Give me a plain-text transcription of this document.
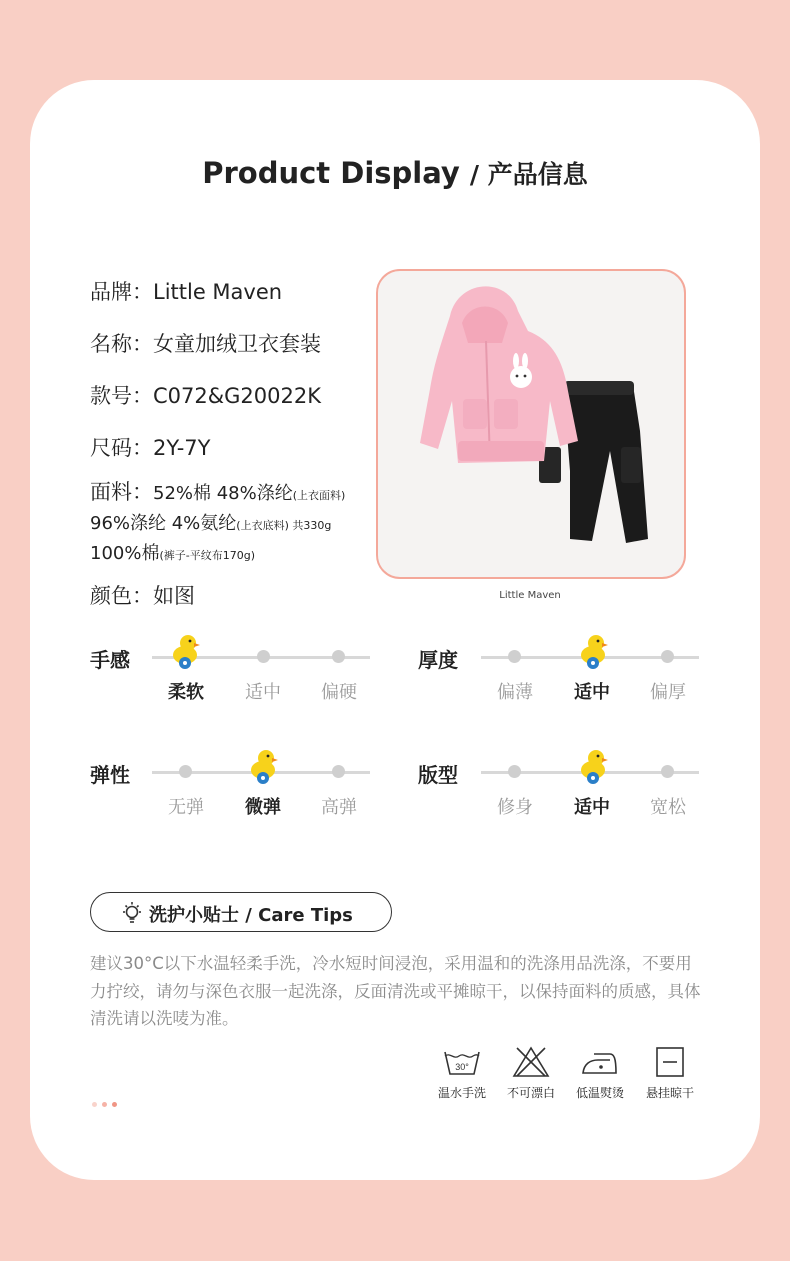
Product Display / 产品信息
品牌：Little Maven
名称：女童加绒卫衣套装
款号：C072&G20022K
尺码：2Y-7Y
面料：52%棉 48%涤纶(上衣面料)
96%涤纶 4%氨纶(上衣底料) 共330g
100%棉(裤子-平纹布170g)
颜色：如图	Little Maven
手感
柔软	适中	偏硬
厚度
偏薄	适中	偏厚
弹性
无弹	微弹	高弹
版型
修身	适中	宽松
洗护小贴士 / Care Tips
建议30°C以下水温轻柔手洗，冷水短时间浸泡，采用温和的洗涤用品洗涤，不要用力拧绞，请勿与深色衣服一起洗涤，反面清洗或平摊晾干，以保持面料的质感，具体清洗请以洗唛为准。
30°
温水手洗	不可漂白	低温熨烫	悬挂晾干
